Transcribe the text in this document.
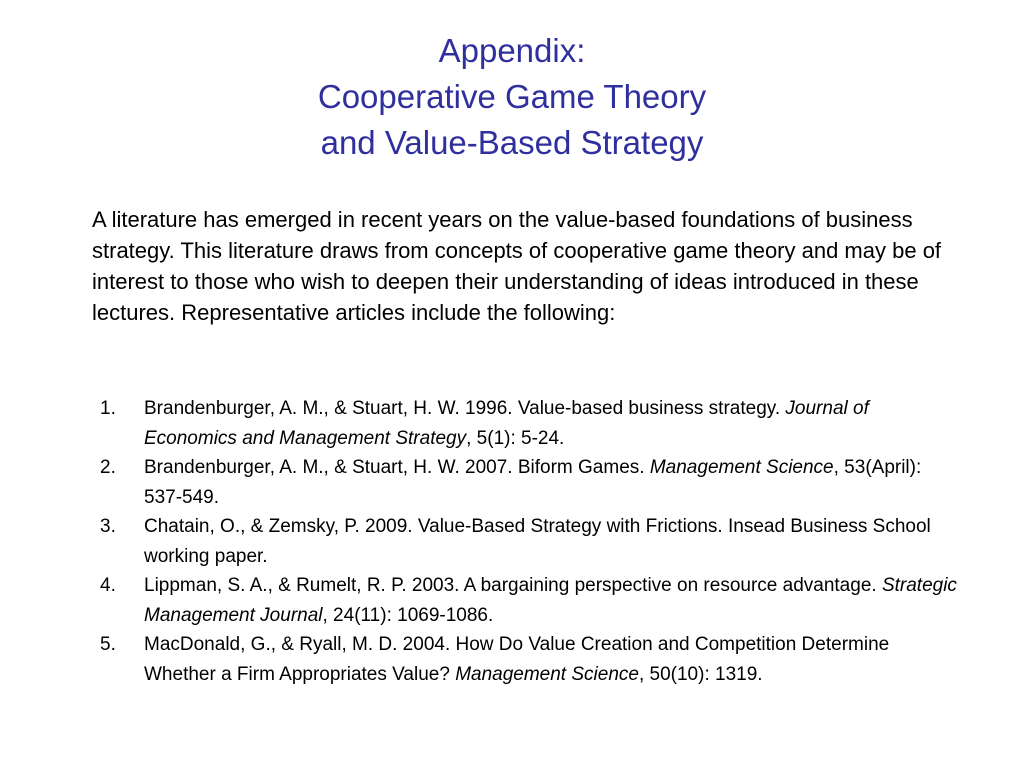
Appendix:
Cooperative Game Theory
and Value-Based Strategy

A literature has emerged in recent years on the value-based foundations of business strategy. This literature draws from concepts of cooperative game theory and may be of interest to those who wish to deepen their understanding of ideas introduced in these lectures. Representative articles include the following:

1. Brandenburger, A. M., & Stuart, H. W. 1996. Value-based business strategy. Journal of Economics and Management Strategy, 5(1): 5-24.
2. Brandenburger, A. M., & Stuart, H. W. 2007. Biform Games. Management Science, 53(April): 537-549.
3. Chatain, O., & Zemsky, P. 2009. Value-Based Strategy with Frictions. Insead Business School working paper.
4. Lippman, S. A., & Rumelt, R. P. 2003. A bargaining perspective on resource advantage. Strategic Management Journal, 24(11): 1069-1086.
5. MacDonald, G., & Ryall, M. D. 2004. How Do Value Creation and Competition Determine Whether a Firm Appropriates Value? Management Science, 50(10): 1319.
